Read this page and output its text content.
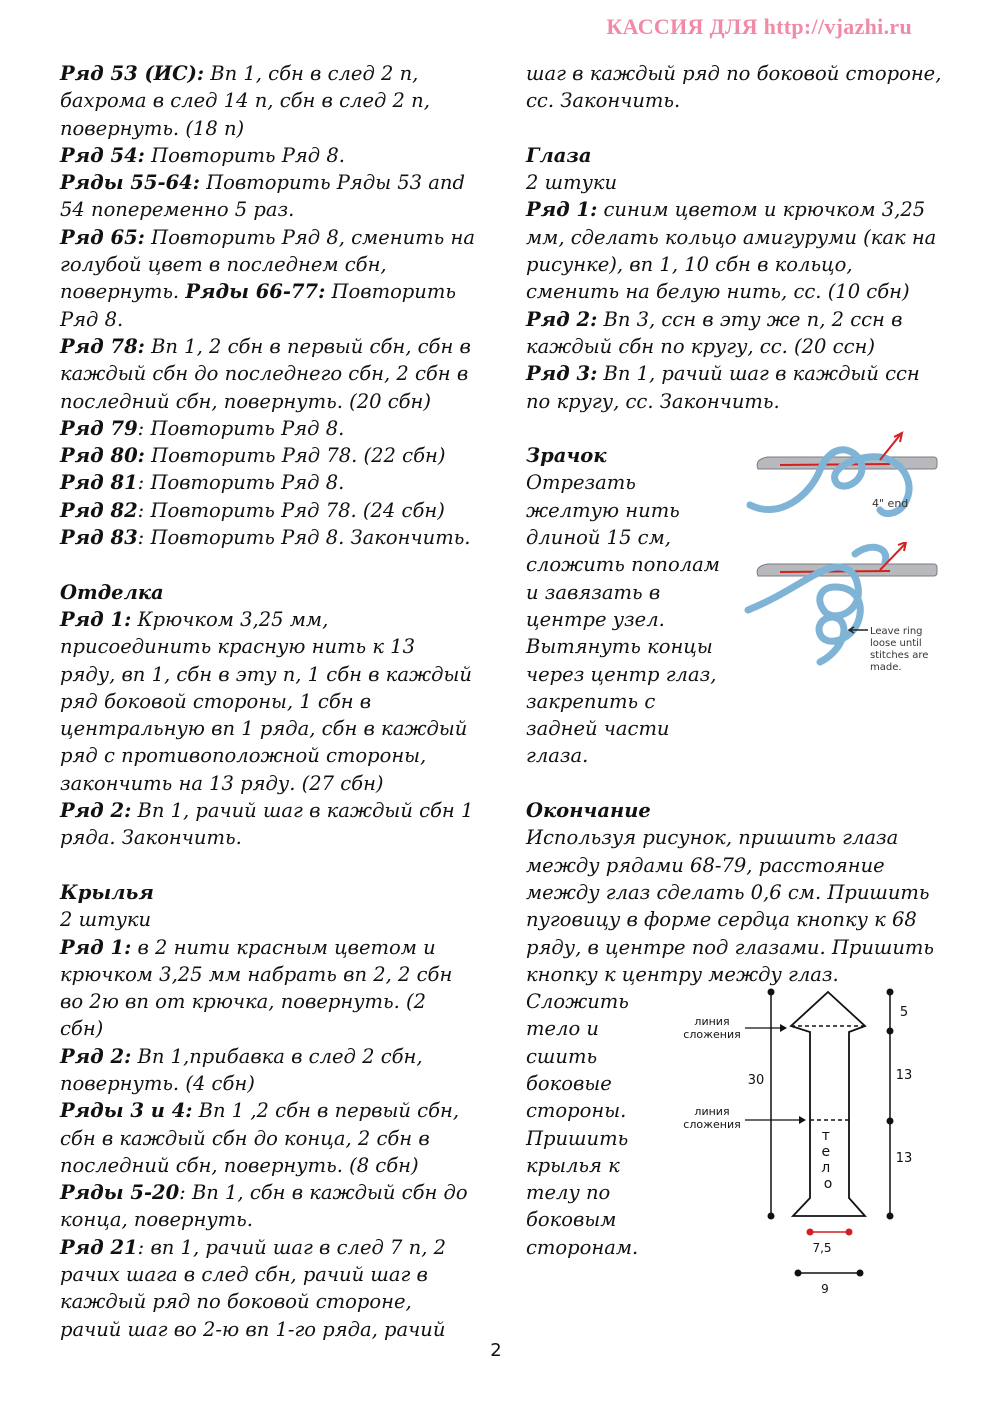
КАССИЯ ДЛЯ http://vjazhi.ru

Ряд 53 (ИС): Вп 1, сбн в след 2 п, бахрома в след 14 п, сбн в след 2 п, повернуть. (18 п)

Ряд 54: Повторить Ряд 8.

Ряды 55-64: Повторить Ряды 53 and 54 попеременно 5 раз.

Ряд 65: Повторить Ряд 8, сменить на голубой цвет в последнем сбн, повернуть. Ряды 66-77: Повторить Ряд 8.

Ряд 78: Вп 1, 2 сбн в первый сбн, сбн в каждый сбн до последнего сбн, 2 сбн в последний сбн, повернуть. (20 сбн)

Ряд 79: Повторить Ряд 8.

Ряд 80: Повторить Ряд 78. (22 сбн)

Ряд 81: Повторить Ряд 8.

Ряд 82: Повторить Ряд 78. (24 сбн)

Ряд 83: Повторить Ряд 8. Закончить.

Отделка

Ряд 1: Крючком 3,25 мм, присоединить красную нить к 13 ряду, вп 1, сбн в эту п, 1 сбн в каждый ряд боковой стороны, 1 сбн в центральную вп 1 ряда, сбн в каждый ряд с противоположной стороны, закончить на 13 ряду. (27 сбн)

Ряд 2: Вп 1, рачий шаг в каждый сбн 1 ряда. Закончить.

Крылья

2 штуки

Ряд 1: в 2 нити красным цветом и крючком 3,25 мм набрать вп 2, 2 сбн во 2ю вп от крючка, повернуть. (2 сбн)

Ряд 2: Вп 1,прибавка в след 2 сбн, повернуть. (4 сбн)

Ряды 3 и 4: Вп 1 ,2 сбн в первый сбн, сбн в каждый сбн до конца, 2 сбн в последний сбн, повернуть. (8 сбн)

Ряды 5-20: Вп 1, сбн в каждый сбн до конца, повернуть.

Ряд 21: вп 1, рачий шаг в след 7 п, 2 рачих шага в след сбн, рачий шаг в каждый ряд по боковой стороне, рачий шаг во 2-ю вп 1-го ряда, рачий

шаг в каждый ряд по боковой стороне, сс. Закончить.

Глаза

2 штуки

Ряд 1: синим цветом и крючком 3,25 мм, сделать кольцо амигуруми (как на рисунке), вп 1, 10 сбн в кольцо, сменить на белую нить, сс. (10 сбн)

Ряд 2: Вп 3, ссн в эту же п, 2 ссн в каждый сбн по кругу, сс. (20 ссн)

Ряд 3: Вп 1, рачий шаг в каждый ссн по кругу, сс. Закончить.

Зрачок

Отрезать желтую нить длиной 15 см, сложить пополам и завязать в центре узел. Вытянуть концы через центр глаз, закрепить с задней части глаза.

Окончание

Используя рисунок, пришить глаза между рядами 68-79, расстояние между глаз сделать 0,6 см. Пришить пуговицу в форме сердца кнопку к 68 ряду, в центре под глазами. Пришить кнопку к центру между глаз. Сложить

тело и сшить боковые стороны. Пришить крылья к телу по боковым сторонам.

4" end
Leave ring
loose until
stitches are
made.
30
5
13
13
линия
сложения
линия
сложения
т е л о
7,5
9
2
